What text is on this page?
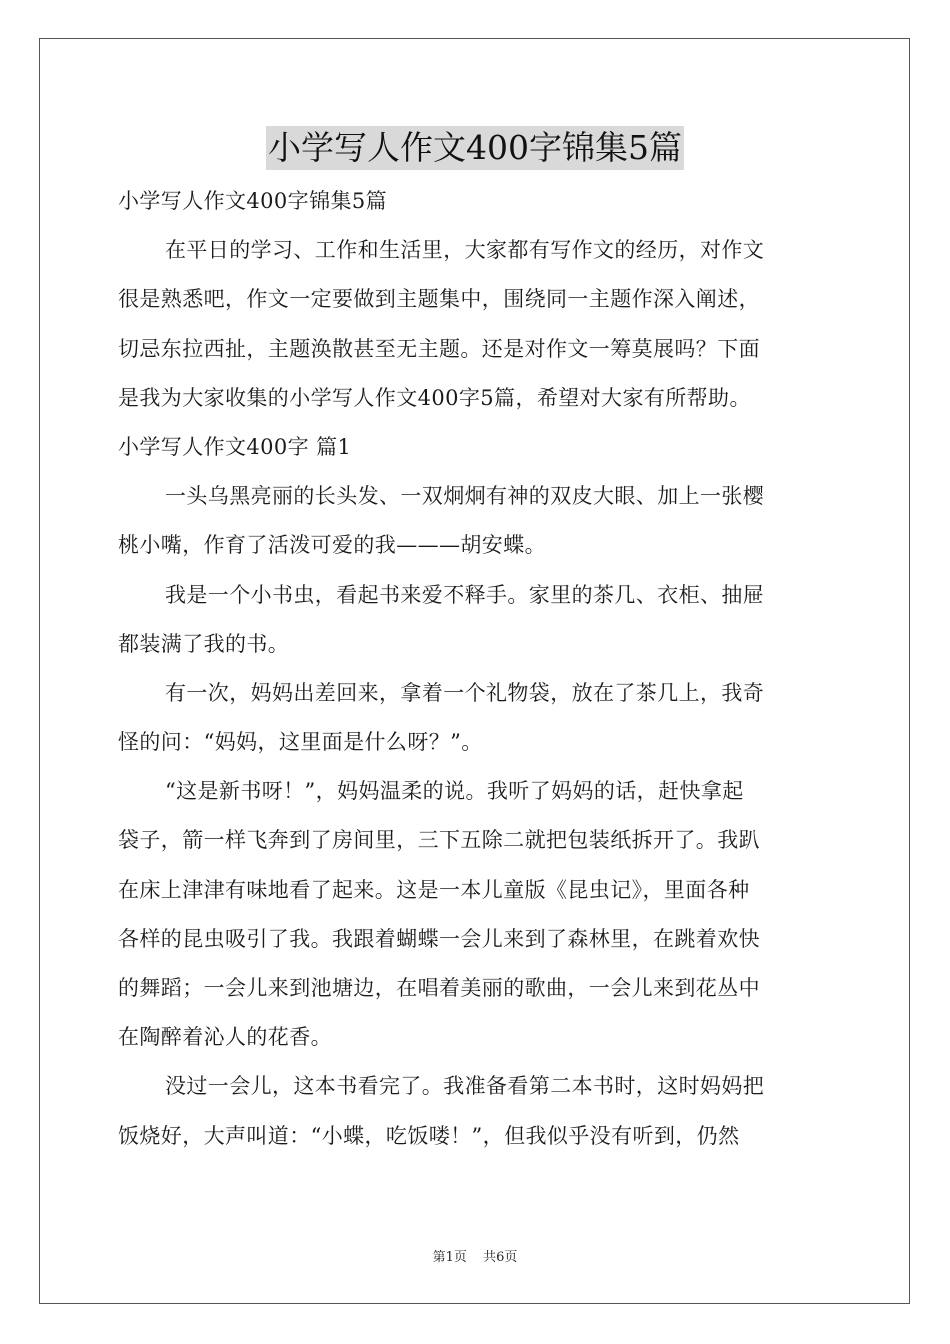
小学写人作文400字锦集5篇
小学写人作文400字锦集5篇
在平日的学习、工作和生活里，大家都有写作文的经历，对作文
很是熟悉吧，作文一定要做到主题集中，围绕同一主题作深入阐述，
切忌东拉西扯，主题涣散甚至无主题。还是对作文一筹莫展吗？下面
是我为大家收集的小学写人作文400字5篇，希望对大家有所帮助。
小学写人作文400字 篇1
一头乌黑亮丽的长头发、一双炯炯有神的双皮大眼、加上一张樱
桃小嘴，作育了活泼可爱的我———胡安蝶。
我是一个小书虫，看起书来爱不释手。家里的茶几、衣柜、抽屉
都装满了我的书。
有一次，妈妈出差回来，拿着一个礼物袋，放在了茶几上，我奇
怪的问：“妈妈，这里面是什么呀？”。
“这是新书呀！”，妈妈温柔的说。我听了妈妈的话，赶快拿起
袋子，箭一样飞奔到了房间里，三下五除二就把包装纸拆开了。我趴
在床上津津有味地看了起来。这是一本儿童版《昆虫记》，里面各种
各样的昆虫吸引了我。我跟着蝴蝶一会儿来到了森林里，在跳着欢快
的舞蹈；一会儿来到池塘边，在唱着美丽的歌曲，一会儿来到花丛中
在陶醉着沁人的花香。
没过一会儿，这本书看完了。我准备看第二本书时，这时妈妈把
饭烧好，大声叫道：“小蝶，吃饭喽！”，但我似乎没有听到，仍然
第1页 共6页
